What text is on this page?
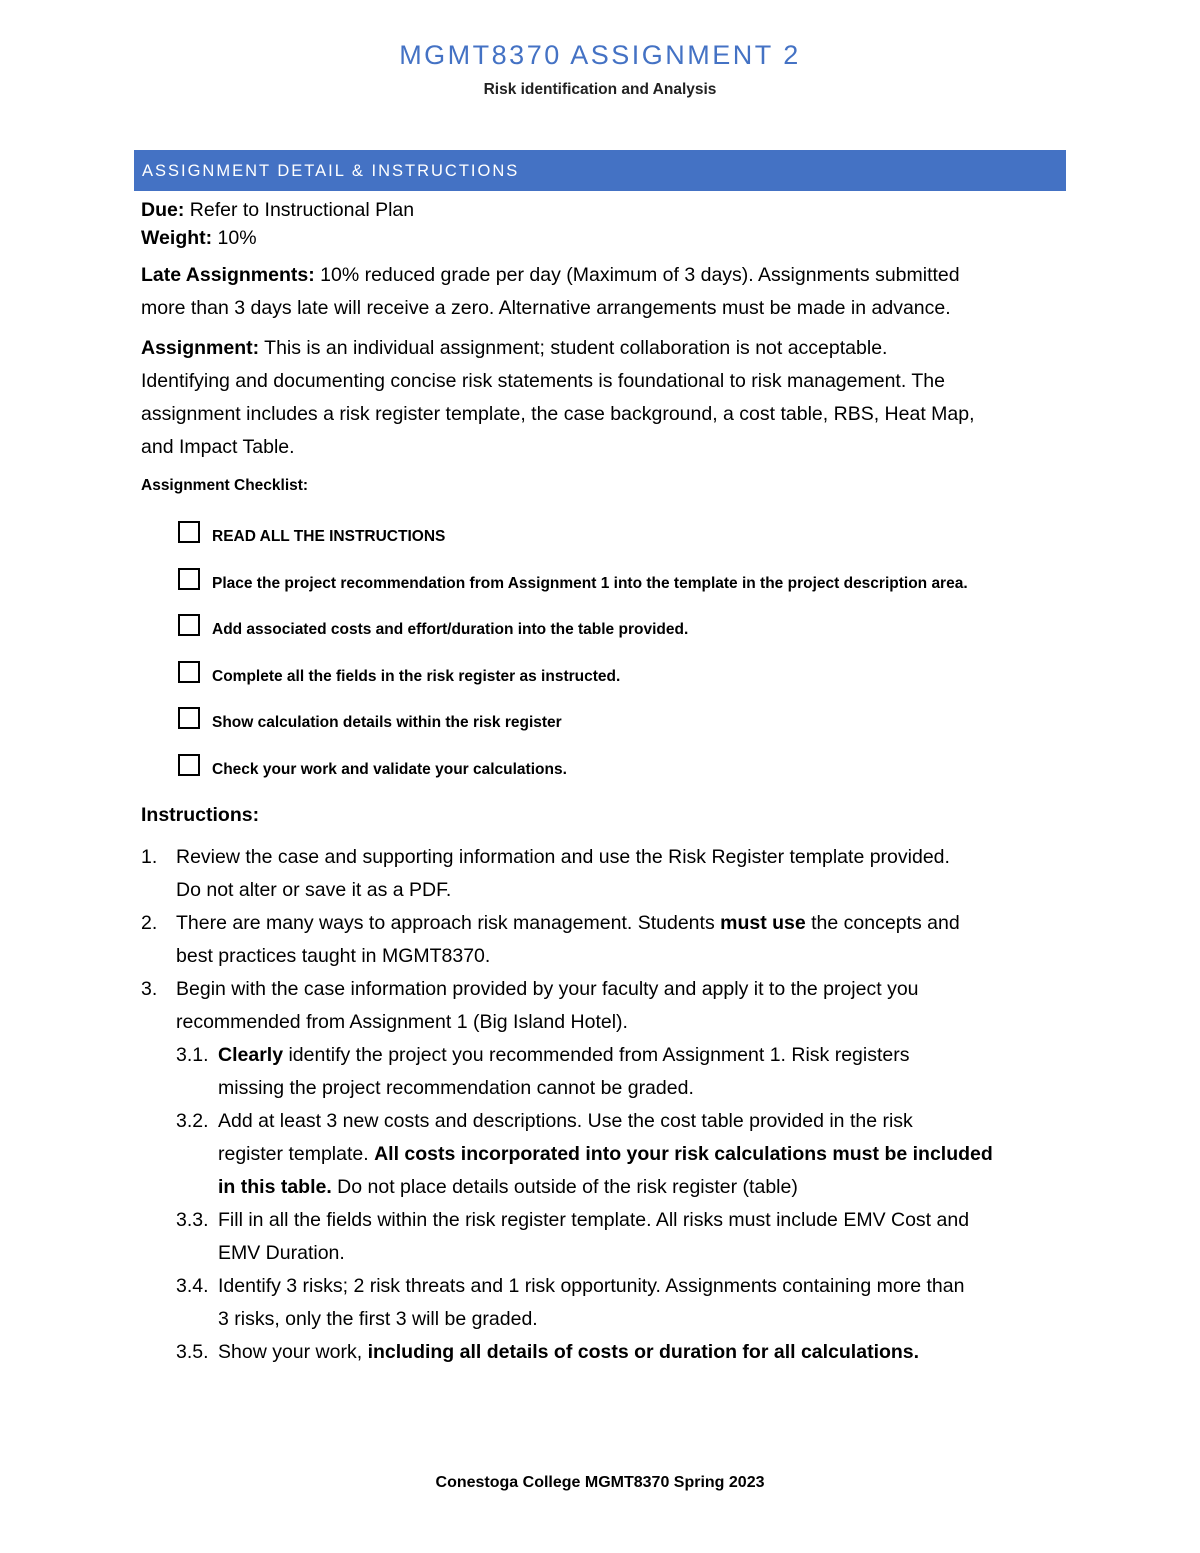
MGMT8370 ASSIGNMENT 2
Risk identification and Analysis
ASSIGNMENT DETAIL & INSTRUCTIONS
Due: Refer to Instructional Plan
Weight: 10%
Late Assignments: 10% reduced grade per day (Maximum of 3 days). Assignments submitted
more than 3 days late will receive a zero. Alternative arrangements must be made in advance.
Assignment: This is an individual assignment; student collaboration is not acceptable.
Identifying and documenting concise risk statements is foundational to risk management. The
assignment includes a risk register template, the case background, a cost table, RBS, Heat Map,
and Impact Table.
Assignment Checklist:
READ ALL THE INSTRUCTIONS
Place the project recommendation from Assignment 1 into the template in the project description area.
Add associated costs and effort/duration into the table provided.
Complete all the fields in the risk register as instructed.
Show calculation details within the risk register
Check your work and validate your calculations.
Instructions:
1. Review the case and supporting information and use the Risk Register template provided.
Do not alter or save it as a PDF.
2. There are many ways to approach risk management. Students must use the concepts and
best practices taught in MGMT8370.
3. Begin with the case information provided by your faculty and apply it to the project you
recommended from Assignment 1 (Big Island Hotel).
3.1. Clearly identify the project you recommended from Assignment 1. Risk registers
missing the project recommendation cannot be graded.
3.2. Add at least 3 new costs and descriptions. Use the cost table provided in the risk
register template. All costs incorporated into your risk calculations must be included
in this table. Do not place details outside of the risk register (table)
3.3. Fill in all the fields within the risk register template. All risks must include EMV Cost and
EMV Duration.
3.4. Identify 3 risks; 2 risk threats and 1 risk opportunity. Assignments containing more than
3 risks, only the first 3 will be graded.
3.5. Show your work, including all details of costs or duration for all calculations.
Conestoga College MGMT8370 Spring 2023
